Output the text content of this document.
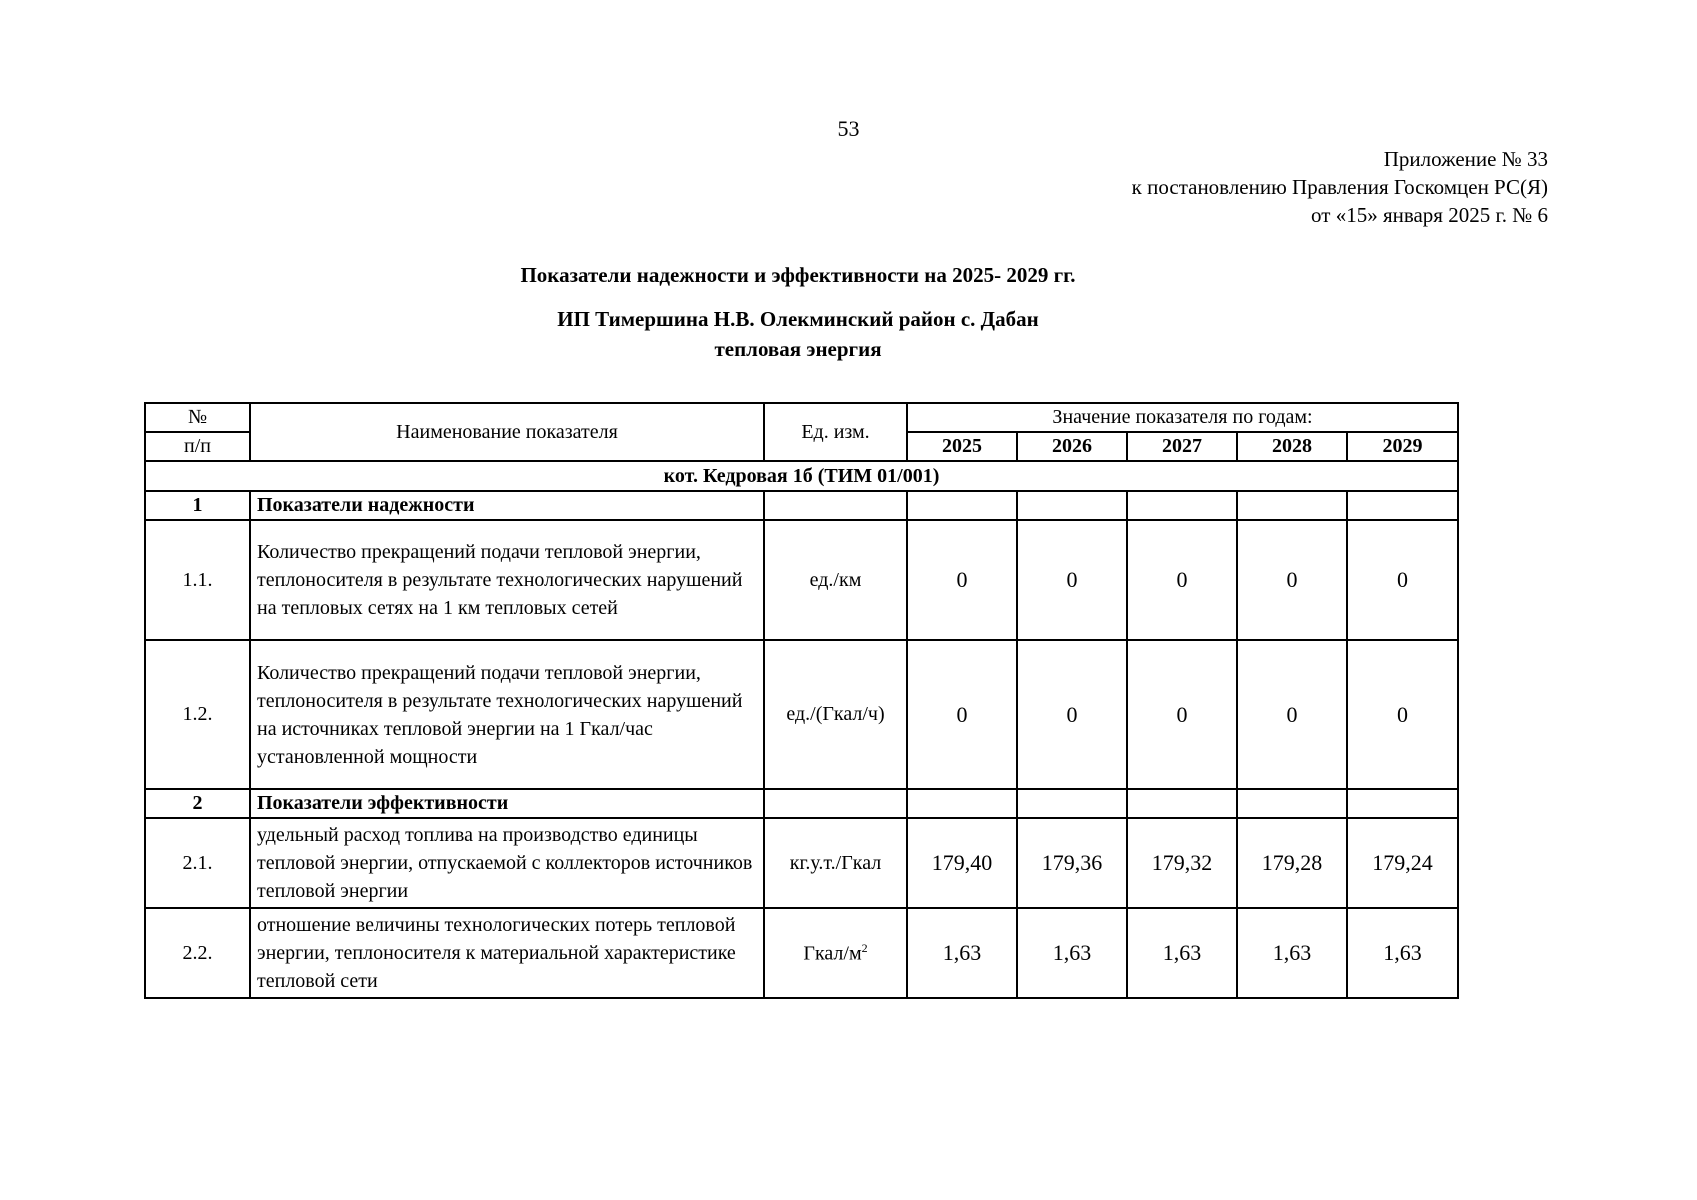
53
Приложение № 33
к постановлению Правления Госкомцен РС(Я)
от «15» января 2025 г. № 6
Показатели надежности и эффективности на 2025- 2029 гг.
ИП Тимершина Н.В. Олекминский район с. Дабан
тепловая энергия
№	Наименование показателя	Ед. изм.	Значение показателя по годам:				
п/п			2025	2026	2027	2028	2029
кот. Кедровая 1б (ТИМ 01/001)							
1	Показатели надежности						
1.1.	Количество прекращений подачи тепловой энергии, теплоносителя в результате технологических нарушений на тепловых сетях на 1 км тепловых сетей	ед./км	0	0	0	0	0
1.2.	Количество прекращений подачи тепловой энергии, теплоносителя в результате технологических нарушений на источниках тепловой энергии на 1 Гкал/час установленной мощности	ед./(Гкал/ч)	0	0	0	0	0
2	Показатели эффективности						
2.1.	удельный расход топлива на производство единицы тепловой энергии, отпускаемой с коллекторов источников тепловой энергии	кг.у.т./Гкал	179,40	179,36	179,32	179,28	179,24
2.2.	отношение величины технологических потерь тепловой энергии, теплоносителя к материальной характеристике тепловой сети	Гкал/$м^2$	1,63	1,63	1,63	1,63	1,63
